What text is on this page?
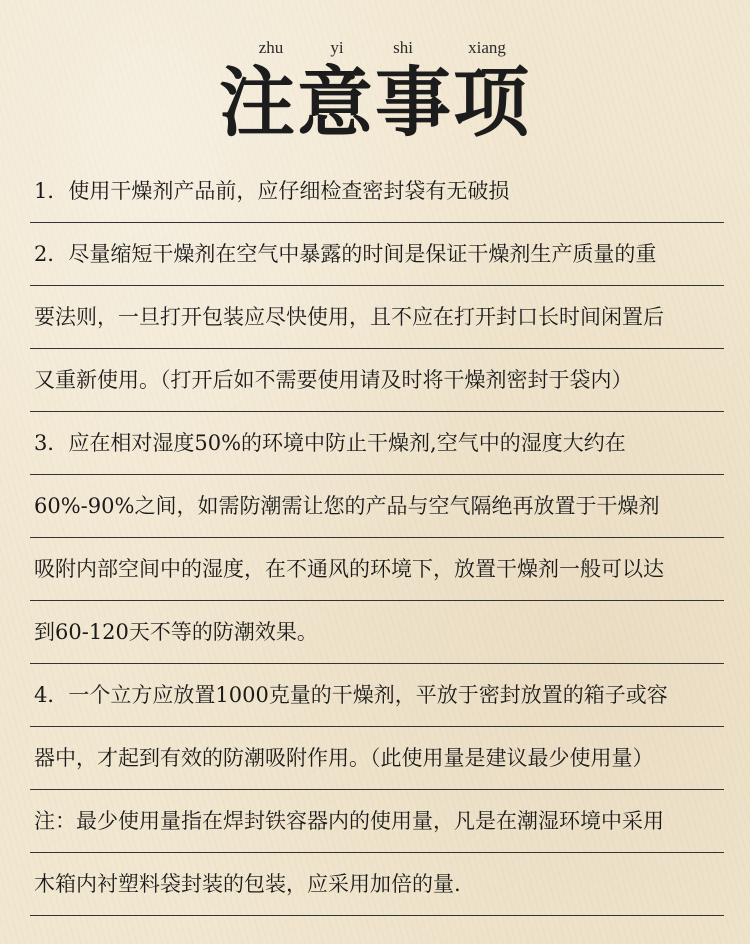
zhu	yi	shi	xiang
注意事项
1．使用干燥剂产品前，应仔细检查密封袋有无破损
2．尽量缩短干燥剂在空气中暴露的时间是保证干燥剂生产质量的重
要法则，一旦打开包装应尽快使用，且不应在打开封口长时间闲置后
又重新使用。（打开后如不需要使用请及时将干燥剂密封于袋内）
3．应在相对湿度50%的环境中防止干燥剂,空气中的湿度大约在
60%-90%之间，如需防潮需让您的产品与空气隔绝再放置于干燥剂
吸附内部空间中的湿度，在不通风的环境下，放置干燥剂一般可以达
到60-120天不等的防潮效果。
4．一个立方应放置1000克量的干燥剂，平放于密封放置的箱子或容
器中，才起到有效的防潮吸附作用。（此使用量是建议最少使用量）
注：最少使用量指在焊封铁容器内的使用量，凡是在潮湿环境中采用
木箱内衬塑料袋封装的包装，应采用加倍的量.
